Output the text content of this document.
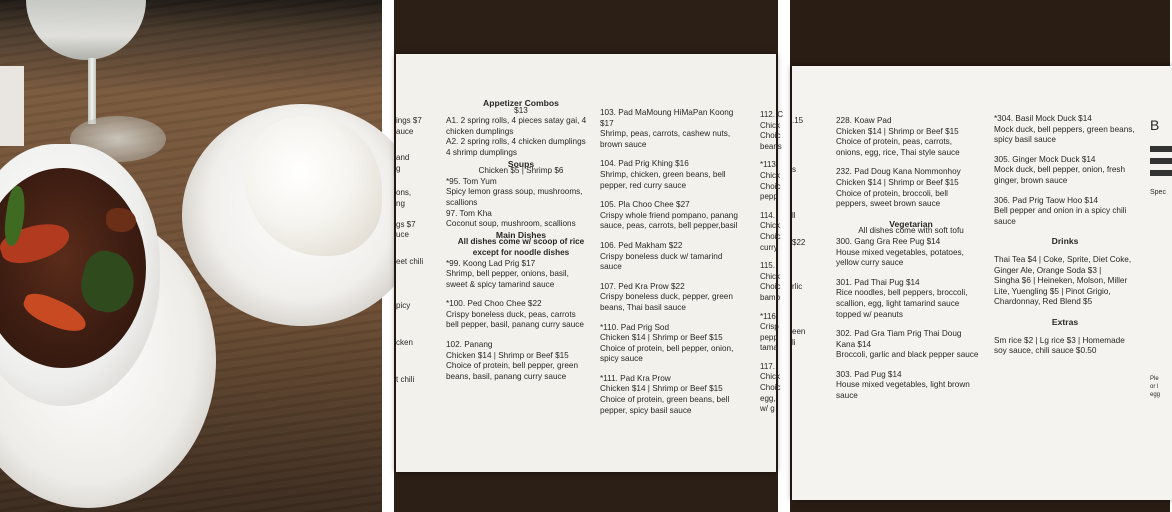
ings $7
auce
and
g
ons,
ng
gs $7
uce
eet chili
picy
cken
t chili

Appetizer Combos

$13

A1. 2 spring rolls, 4 pieces satay gai, 4

chicken dumplings

A2. 2 spring rolls, 4 chicken dumplings

4 shrimp dumplings

Soups

Chicken $5 | Shrimp $6

*95. Tom Yum

Spicy lemon grass soup, mushrooms,

scallions

97. Tom Kha

Coconut soup, mushroom, scallions

Main Dishes

All dishes come w/ scoop of rice

except for noodle dishes

*99. Koong Lad Prig $17

Shrimp, bell pepper, onions, basil,

sweet & spicy tamarind sauce

*100. Ped Choo Chee $22

Crispy boneless duck, peas, carrots

bell pepper, basil, panang curry sauce

102. Panang

Chicken $14 | Shrimp or Beef $15

Choice of protein, bell pepper, green

beans, basil, panang curry sauce

103. Pad MaMoung HiMaPan Koong

$17

Shrimp, peas, carrots, cashew nuts,

brown sauce

104. Pad Prig Khing $16

Shrimp, chicken, green beans, bell

pepper, red curry sauce

105. Pla Choo Chee $27

Crispy whole friend pompano, panang

sauce, peas, carrots, bell pepper,basil

106. Ped Makham $22

Crispy boneless duck w/ tamarind

sauce

107. Ped Kra Prow $22

Crispy boneless duck, pepper, green

beans, Thai basil sauce

*110. Pad Prig Sod

Chicken $14 | Shrimp or Beef $15

Choice of protein, bell pepper, onion,

spicy sauce

*111. Pad Kra Prow

Chicken $14 | Shrimp or Beef $15

Choice of protein, green beans, bell

pepper, spicy basil sauce

112. C
Chick
Choic
beans
*113.
Chick
Choic
pepp
114.
Chick
Choic
curry
115.
Chick
Choic
bamb
*116.
Crisp
pepp
tama
117.
Chick
Choic
egg,
w/ g
.15
s
ll
$22
rlic
een
li

228. Koaw Pad

Chicken $14 | Shrimp or Beef $15

Choice of protein, peas, carrots,

onions, egg, rice, Thai style sauce

232. Pad Doug Kana Nommonhoy

Chicken $14 | Shrimp or Beef $15

Choice of protein, broccoli, bell

peppers, sweet brown sauce

Vegetarian

All dishes come with soft tofu

300. Gang Gra Ree Pug $14

House mixed vegetables, potatoes,

yellow curry sauce

301. Pad Thai Pug $14

Rice noodles, bell peppers, broccoli,

scallion, egg, light tamarind sauce

topped w/ peanuts

302. Pad Gra Tiam Prig Thai Doug

Kana $14

Broccoli, garlic and black pepper sauce

303. Pad Pug $14

House mixed vegetables, light brown

sauce

*304. Basil Mock Duck $14

Mock duck, bell peppers, green beans,

spicy basil sauce

305. Ginger Mock Duck $14

Mock duck, bell pepper, onion, fresh

ginger, brown sauce

306. Pad Prig Taow Hoo $14

Bell pepper and onion in a spicy chili

sauce

Drinks

Thai Tea $4 | Coke, Sprite, Diet Coke,

Ginger Ale, Orange Soda $3 |

Singha $6 | Heineken, Molson, Miller

Lite, Yuengling $5 | Pinot Grigio,

Chardonnay, Red Blend $5

Extras

Sm rice $2 | Lg rice $3 | Homemade

soy sauce, chili sauce $0.50

B
Spec
Ple
or l
egg
